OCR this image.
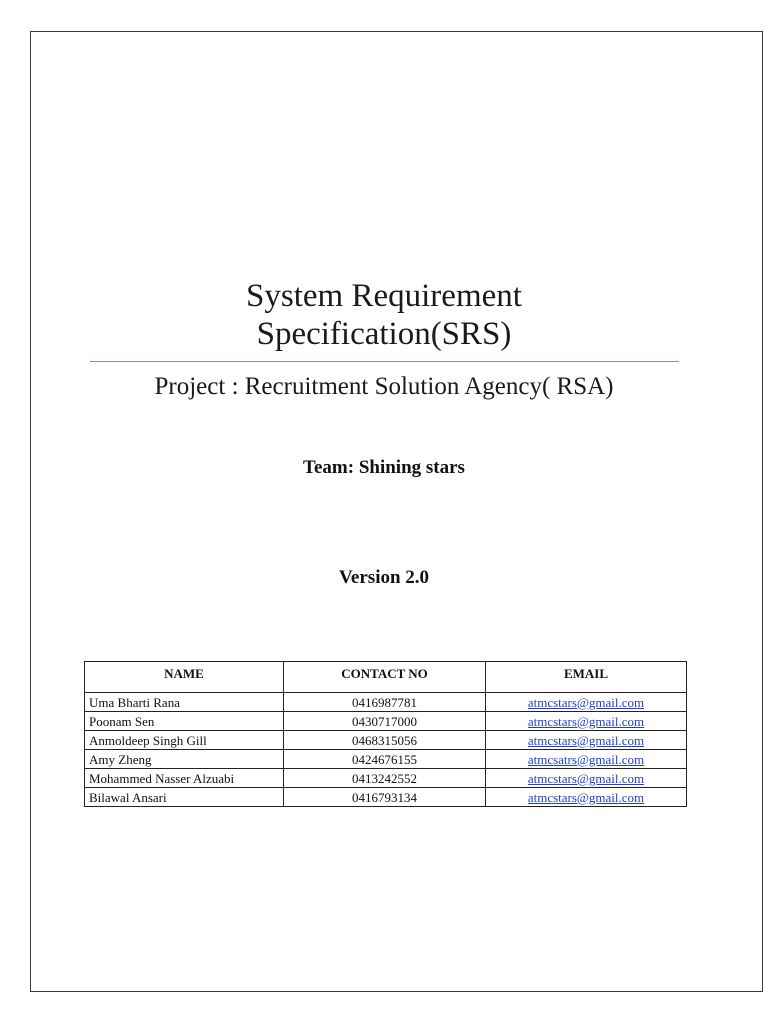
System Requirement
Specification(SRS)
Project : Recruitment Solution Agency( RSA)
Team: Shining stars
Version 2.0
NAME	CONTACT NO	EMAIL
Uma Bharti Rana	0416987781	atmcstars@gmail.com
Poonam Sen	0430717000	atmcstars@gmail.com
Anmoldeep Singh Gill	0468315056	atmcstars@gmail.com
Amy Zheng	0424676155	atmcsatrs@gmail.com
Mohammed Nasser Alzuabi	0413242552	atmcstars@gmail.com
Bilawal Ansari	0416793134	atmcstars@gmail.com
